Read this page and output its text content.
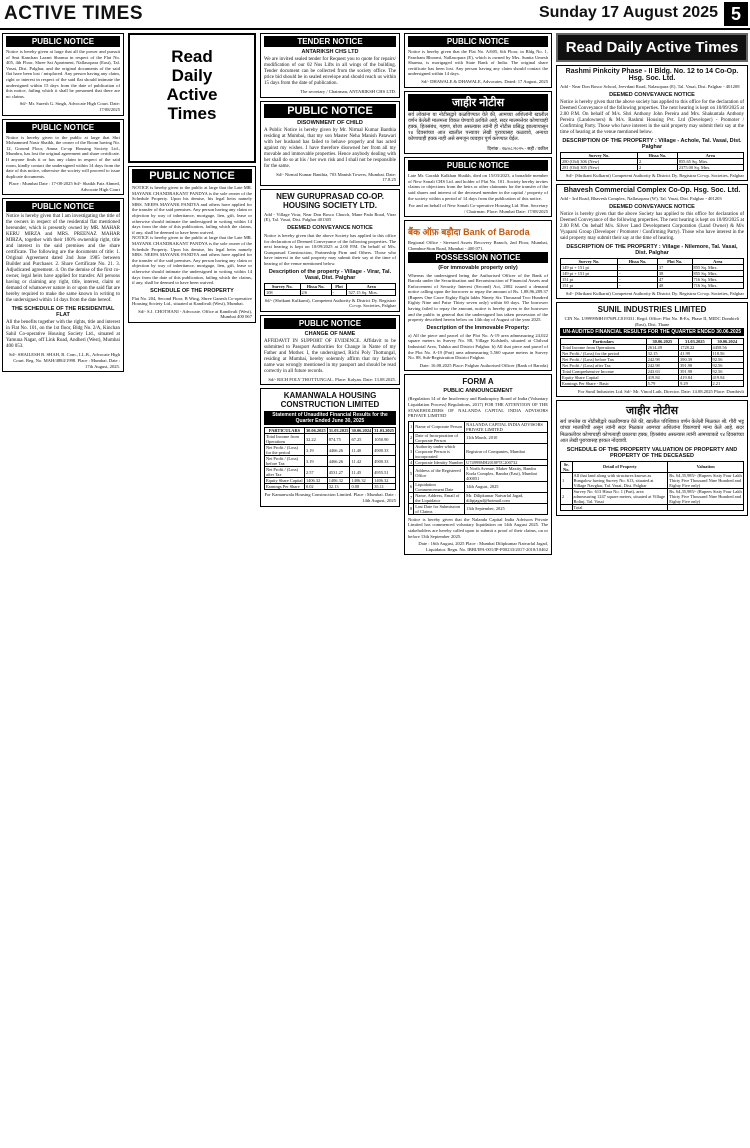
ACTIVE TIMES	Sunday 17 August 2025 5
PUBLIC NOTICE
Notice is hereby given at large that all the power and pursuit of Smt Kanchan Laxmi Sharma in respect of the Flat No. 405, 4th Floor, Shree Sai Apartment, Nallasopara (East), Tal. Vasai, Dist. Palghar, and the original documents of the said flat have been lost / misplaced. Any person having any claim, right or interest in respect of the said flat should intimate the undersigned within 15 days from the date of publication of this notice, failing which it shall be presumed that there are no claims.
Sd/- Mr. Suresh G. Singh, Advocate High Court. Date: 17/08/2025
PUBLIC NOTICE
Notice is hereby given to the public at large that Shri Mohammed Nasir Shaikh, the owner of the Room having No. 12, Ground Floor, Amna Co-op Housing Society Ltd., Mumbra, has lost the original agreement and share certificate. If anyone finds it or has any claim in respect of the said room, kindly contact the undersigned within 14 days from the date of this notice, otherwise the society will proceed to issue duplicate documents.
Place : Mumbai Date : 17-08-2025 Sd/- Shaikh Faiz Ahmed, Advocate High Court
PUBLIC NOTICE
Notice is hereby given that I am investigating the title of the owners in respect of the residential flat mentioned hereunder, which is presently owned by MR. MAHAR KERU MIRZA and MRS. PREENAZ MAHAR MIRZA, together with their 100% ownership right, title and interest in the said premises and the share certificate. The following are the documents of title: 1. Original Agreement dated 2nd June 1985 between Builder and Purchaser. 2. Share Certificate No. 21. 3. Adjudicated agreement. 4. On the demise of the first co-owner, legal heirs have applied for transfer. All persons having or claiming any right, title, interest, claim or demand of whatsoever nature in or upon the said flat are hereby required to make the same known in writing to the undersigned within 14 days from the date hereof.
THE SCHEDULE OF THE RESIDENTIAL FLAT
All the benefits together with the rights, title and interest in Flat No. 101, on the 1st floor, Bldg No. 2/A, Kinchan Sahil Co-operative Housing Society Ltd., situated at Yamuna Nagar, off Link Road, Andheri (West), Mumbai 400 053.
Sd/- SHAILESH B. SHAH, B. Com., LL.B., Advocate High Court. Reg. No. MAH/4884/1998. Place : Mumbai. Date : 17th August, 2025.
Read
Daily
Active
Times
PUBLIC NOTICE
NOTICE is hereby given to the public at large that the Late MR. MAYANK CHANDRAKANT PANDYA is the sole owner of the Schedule Property. Upon his demise, his legal heirs namely MRS. NEEPA MAYANK PANDYA and others have applied for the transfer of the said premises. Any person having any claim or objection by way of inheritance, mortgage, lien, gift, lease or otherwise should intimate the undersigned in writing within 14 days from the date of this publication, failing which the claims, if any, shall be deemed to have been waived.
NOTICE is hereby given to the public at large that the Late MR. MAYANK CHANDRAKANT PANDYA is the sole owner of the Schedule Property. Upon his demise, his legal heirs namely MRS. NEEPA MAYANK PANDYA and others have applied for the transfer of the said premises. Any person having any claim or objection by way of inheritance, mortgage, lien, gift, lease or otherwise should intimate the undersigned in writing within 14 days from the date of this publication, failing which the claims, if any, shall be deemed to have been waived.
SCHEDULE OF THE PROPERTY
Flat No. 204, Second Floor, B Wing, Shree Ganesh Co-operative Housing Society Ltd., situated at Kandivali (West), Mumbai.
Sd/- S.J. CHOTHANI - Advocate. Office at Kandivali (West), Mumbai 400 067
TENDER NOTICE
ANTARIKSH CHS LTD
We are invited sealed tender for Request you to quote for repairs/ modification of our 02 Nos Lifts in all wings of the building. Tender document can be collected from the society office. The price bid should be in sealed envelope and should reach us within 15 days from the date of publication.
The secretary / Chairman, ANTARIKSH CHS LTD.
PUBLIC NOTICE
DISOWNMENT OF CHILD
A Public Notice is hereby given by Mr. Nirmal Kumar Banthia residing at Mumbai, that my son Master Neha Manish Patawari with her husband has failed to behave properly and has acted against my wishes. I have therefore disowned her from all my movable and immovable properties. Hence anybody dealing with her shall do so at his / her own risk and I shall not be responsible for the same.
Sd/- Nirmal Kumar Banthia, 703 Manish Towers, Mumbai. Date: 17.8.25
NEW GURUPRASAD CO-OP. HOUSING SOCIETY LTD.
Add - Village Virar, Near Don Bosco Church, Mane Pada Road, Virar (E), Tal. Vasai, Dist. Palghar 401305
DEEMED CONVEYANCE NOTICE
Notice is hereby given that the above Society has applied to this office for declaration of Deemed Conveyance of the following properties. The next hearing is kept on 10/09/2025 at 2.00 P.M. On behalf of M/s. Guruprasad Construction, Partnership Firm and Others. Those who have interest in the said property may submit their say at the time of hearing of the venue mentioned below.
Description of the property - Village - Virar, Tal. Vasai, Dist. Palghar
Survey No.	Hissa No.	Plot	Area
108	2/6	-	527.15 Sq. Mtrs.
Sd/- (Shrikant Kulkarni), Competent Authority & District Dy. Registrar Co-op. Societies, Palghar
PUBLIC NOTICE
CHANGE OF NAME
AFFIDAVIT IN SUPPORT OF EVIDENCE. Affidavit to be submitted to Passport Authorities for Change in Name of my Father and Mother. I, the undersigned, Richi Poly Thottungal, residing at Mumbai, hereby solemnly affirm that my father's name was wrongly mentioned in my passport and should be read correctly in all future records.
Sd/- RICH POLY THOTTUNGAL. Place: Kalyan. Date: 13.08.2025.
KAMANWALA HOUSING CONSTRUCTION LIMITED
Statement of Unaudited Financial Results for the Quarter Ended June 30, 2025
PARTICULARS	30.06.2025	31.03.2025	30.06.2024	31.03.2025
Total Income from Operations	32.22	874.75	67.25	1050.90
Net Profit / (Loss) for the period	3.19	4466.26	11.40	4900.33
Net Profit / (Loss) before Tax	3.19	4466.26	11.42	4900.33
Net Profit / (Loss) after Tax	2.57	4531.27	11.45	4955.51
Equity Share Capital	1406.32	1406.32	1406.32	1406.32
Earnings Per Share	0.02	32.13	0.08	35.11
For Kamanwala Housing Construction Limited. Place : Mumbai. Date : 14th August, 2025
PUBLIC NOTICE
Notice is hereby given that the Flat No. A/605, 6th Floor, in Bldg No. 1, Pancham Bhoomi, Nallasopara (E), which is owned by Mrs. Sunita Umesh Sharma, is mortgaged with State Bank of India. The original share certificate has been lost. Any person having any claim should contact the undersigned within 14 days.
Sd/- DHAWALE & DHAWALE, Advocates. Dated: 17 August, 2025
जाहीर नोटीस
सर्व लोकांना या नोटीसद्वारे कळविण्यात येते की, आमच्या अशिलांनी खालील वर्णन केलेली मालमत्ता विकत घेण्याचे ठरविले आहे. सदर मालमत्तेवर कोणाचाही हक्क, हितसंबंध, गहाण, बोजा असल्यास त्यांनी ही नोटीस प्रसिद्ध झाल्यापासून १४ दिवसांच्या आत खालील पत्त्यावर लेखी पुराव्यासह कळवावे, अन्यथा कोणाचाही हक्क नाही असे समजून व्यवहार पूर्ण करण्यात येईल.
दिनांक : १७/०८/२०२५ - सही / वकील
PUBLIC NOTICE
Late Mr. Gorakh Kalkhan Shaikh, died on 15/03/2023, a bonafide member of New Sonali CHS Ltd. and holder of Flat No. 101. Society hereby invites claims or objections from the heirs or other claimants for the transfer of the said shares and interest of the deceased member in the capital / property of the society within a period of 14 days from the publication of this notice.
For and on behalf of New Sonali Co-operative Housing Ltd. Hon. Secretary / Chairman. Place: Mumbai Date: 17/08/2025
बैंक ऑफ़ बड़ौदा Bank of Baroda
Regional Office - Stressed Assets Recovery Branch, 2nd Floor, Mumbai, Chembur-Sion Road, Mumbai - 400 071.
POSSESSION NOTICE
(For immovable property only)
Whereas the undersigned being the Authorised Officer of the Bank of Baroda under the Securitisation and Reconstruction of Financial Assets and Enforcement of Security Interest (Second) Act, 2002 issued a demand notice calling upon the borrower to repay the amount of Rs. 1,88,96,289.37 (Rupees One Crore Eighty Eight lakhs Ninety Six Thousand Two Hundred Eighty Nine and Paise Thirty seven only) within 60 days. The borrower having failed to repay the amount, notice is hereby given to the borrower and the public in general that the undersigned has taken possession of the property described herein below on 14th day of August of the year 2025.
Description of the Immovable Property:
a) All the piece and parcel of the Plot No. A-19 area admeasuring 24,022 square meters in Survey No. 88, Village Kolsheth, situated at Chilvad Industrial Area, Taluka and District Palghar. b) All that piece and parcel of the Plot No. A-19 (Part) area admeasuring 5,560 square meters in Survey No. 88, Sub-Registration District Palghar.
Date: 16.08.2025 Place: Palghar Authorised Officer (Bank of Baroda)
FORM A
PUBLIC ANNOUNCEMENT
(Regulation 14 of the Insolvency and Bankruptcy Board of India (Voluntary Liquidation Process) Regulations, 2017) FOR THE ATTENTION OF THE STAKEHOLDERS OF NALANDA CAPITAL INDIA ADVISORS PRIVATE LIMITED
1	Name of Corporate Person	NALANDA CAPITAL INDIA ADVISORS PRIVATE LIMITED
2	Date of Incorporation of Corporate Person	11th March, 2010
3	Authority under which Corporate Person is incorporated	Registrar of Companies, Mumbai
4	Corporate Identity Number	U74999MH2010PTC200732
5	Address of the Registered Office	3 North Avenue, Maker Maxity, Bandra Kurla Complex, Bandra (East), Mumbai 400051
6	Liquidation Commencement Date	14th August, 2025
7	Name, Address, Email of the Liquidator	Mr. Dilipkumar Natvarlal Jagad, dilipjagad@hotmail.com
8	Last Date for Submission of Claims	13th September, 2025
Notice is hereby given that the Nalanda Capital India Advisors Private Limited has commenced voluntary liquidation on 14th August 2025. The stakeholders are hereby called upon to submit a proof of their claims, on or before 13th September 2025.
Date : 16th August, 2025 Place : Mumbai Dilipkumar Natvarlal Jagad, Liquidator. Regn. No. IBBI/IPA-001/IP-P00233/2017-2018/10462
Read Daily Active Times
Rashmi Pinkcity Phase - II Bldg. No. 12 to 14 Co-Op. Hsg. Soc. Ltd.
Add - Near Don Bosco School, Jeevdani Road, Nalasopara (E), Tal. Vasai, Dist. Palghar - 401208
DEEMED CONVEYANCE NOTICE
Notice is hereby given that the above society has applied to this office for the declaration of Deemed Conveyance of the following properties. The next hearing is kept on 10/09/2025 at 2.00 P.M. On behalf of M/s. Shri Anthony John Pereira and Mrs. Shakuntala Anthony Pereira (Landowners) & M/s. Rashmi Housing Pvt. Ltd (Developer) - Promoter / Confirming Party. Those who have interest in the said property may submit their say at the time of hearing at the venue mentioned below.
DESCRIPTION OF THE PROPERTY : Village - Achole, Tal. Vasai, Dist. Palghar
Survey No.	Hissa No.	Area
280 (Old) 306 (New)	2	855.65 Sq. Mtrs.
281 (Old) 305 (New)	2	2375.00 Sq. Mtrs.
Sd/- (Shrikant Kulkarni) Competent Authority & District Dy. Registrar Co-op. Societies, Palghar
Bhavesh Commercial Complex Co-Op. Hsg. Soc. Ltd.
Add - 3rd Road, Bhavesh Complex, Nallasopara (W), Tal. Vasai, Dist. Palghar - 401203
DEEMED CONVEYANCE NOTICE
Notice is hereby given that the above Society has applied to this office for declaration of Deemed Conveyance of the following properties. The next hearing is kept on 10/09/2025 at 2.00 P.M. On behalf M/s. Silver Land Development Corporation (Land Owner) & M/s Vyaparsi Group (Developer / Promoter / Confirming Party). Those who have interest in the said property may submit their say at the time of hearing.
DESCRIPTION OF THE PROPERTY : Village - Nilemore, Tal. Vasai, Dist. Palghar
Survey No.	Hissa No.	Plot No.	Area
149 pt + 151 pt	-	37	855 Sq. Mtrs.
149 pt + 151 pt	-	38	855 Sq. Mtrs.
151 pt	-	47	716 Sq. Mtrs.
151 pt	-	48	716 Sq. Mtrs.
Sd/- (Shrikant Kulkarni) Competent Authority & District Dy. Registrar Co-op. Societies, Palghar
SUNIL INDUSTRIES LIMITED
CIN No. L99999MH1976PLC019331. Regd. Office: Plot No. B-Ex, Phase II, MIDC Dombivli (East), Dist. Thane
UN-AUDITED FINANCIAL RESULTS FOR THE QUARTER ENDED 30.06.2025
Particulars	30.06.2025	31.03.2025	30.06.2024
Total Income from Operations	2614.49	1728.22	4458.56
Net Profit / (Loss) for the period	32.15	41.99	118.56
Net Profit / (Loss) before Tax	242.98	390.39	92.56
Net Profit / (Loss) after Tax	242.98	391.98	92.56
Total Comprehensive Income	243.63	391.98	92.56
Equity Share Capital	419.84	419.84	419.84
Earnings Per Share - Basic	5.79	9.29	2.21
For Sunil Industries Ltd. Sd/- Mr. Vinod Lath, Director. Date: 14.08.2025 Place: Dombivli
जाहीर नोटीस
सर्व जनतेस या नोटीसीद्वारे कळविण्यात येते की, खालील परिशिष्टात वर्णन केलेली मिळकत श्री. गौरी भट्ट यांच्या मालकीची असून त्यांनी सदर मिळकत आमच्या अशिलांना विकण्याचे मान्य केले आहे. सदर मिळकतीवर कोणाचाही कोणत्याही प्रकारचा हक्क, हितसंबंध असल्यास त्यांनी आमच्याकडे १४ दिवसांच्या आत लेखी पुराव्यासह हरकत नोंदवावी.
SCHEDULE OF THE PROPERTY VALUATION OF PROPERTY AND PROPERTY OF THE DECEASED
Sr. No.	Detail of Property	Valuation
1	All that land along with structures known as Bungalow having Survey No. 613, situated at Village Navghar, Tal. Vasai, Dist. Palghar	Rs. 64,35,985/- (Rupees Sixty Four Lakh Thirty Five Thousand Nine Hundred and Eighty Five only)
2	Survey No. 613 Hissa No. 1 (Part), area admeasuring 1247 square meters, situated at Village Bolinj, Tal. Vasai	Rs. 64,35,985/- (Rupees Sixty Four Lakh Thirty Five Thousand Nine Hundred and Eighty Five only)
	Total	
